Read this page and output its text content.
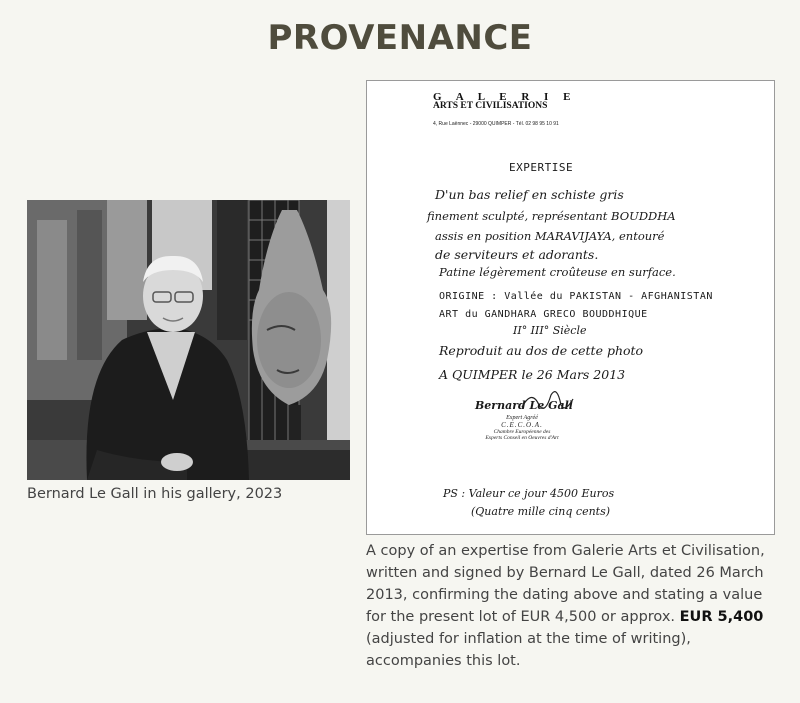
PROVENANCE
Bernard Le Gall in his gallery, 2023
G A L E R I E
ARTS ET CIVILISATIONS
4, Rue Laënnec - 29000 QUIMPER - Tél. 02 98 95 10 91
EXPERTISE
D'un bas relief en schiste gris
finement sculpté, représentant BOUDDHA
assis en position MARAVIJAYA, entouré
de serviteurs et adorants.
Patine légèrement croûteuse en surface.
ORIGINE : Vallée du PAKISTAN - AFGHANISTAN
ART du GANDHARA GRECO BOUDDHIQUE
II° III° Siècle
Reproduit au dos de cette photo
A QUIMPER le 26 Mars 2013
Bernard Le Gall
Expert Agréé
C.E.C.O.A.
Chambre Européenne des
Experts Conseil en Oeuvres d'Art
PS : Valeur ce jour 4500 Euros
(Quatre mille cinq cents)
A copy of an expertise from Galerie Arts et Civilisation, written and signed by Bernard Le Gall, dated 26 March 2013, confirming the dating above and stating a value for the present lot of EUR 4,500 or approx. EUR 5,400 (adjusted for inflation at the time of writing), accompanies this lot.
